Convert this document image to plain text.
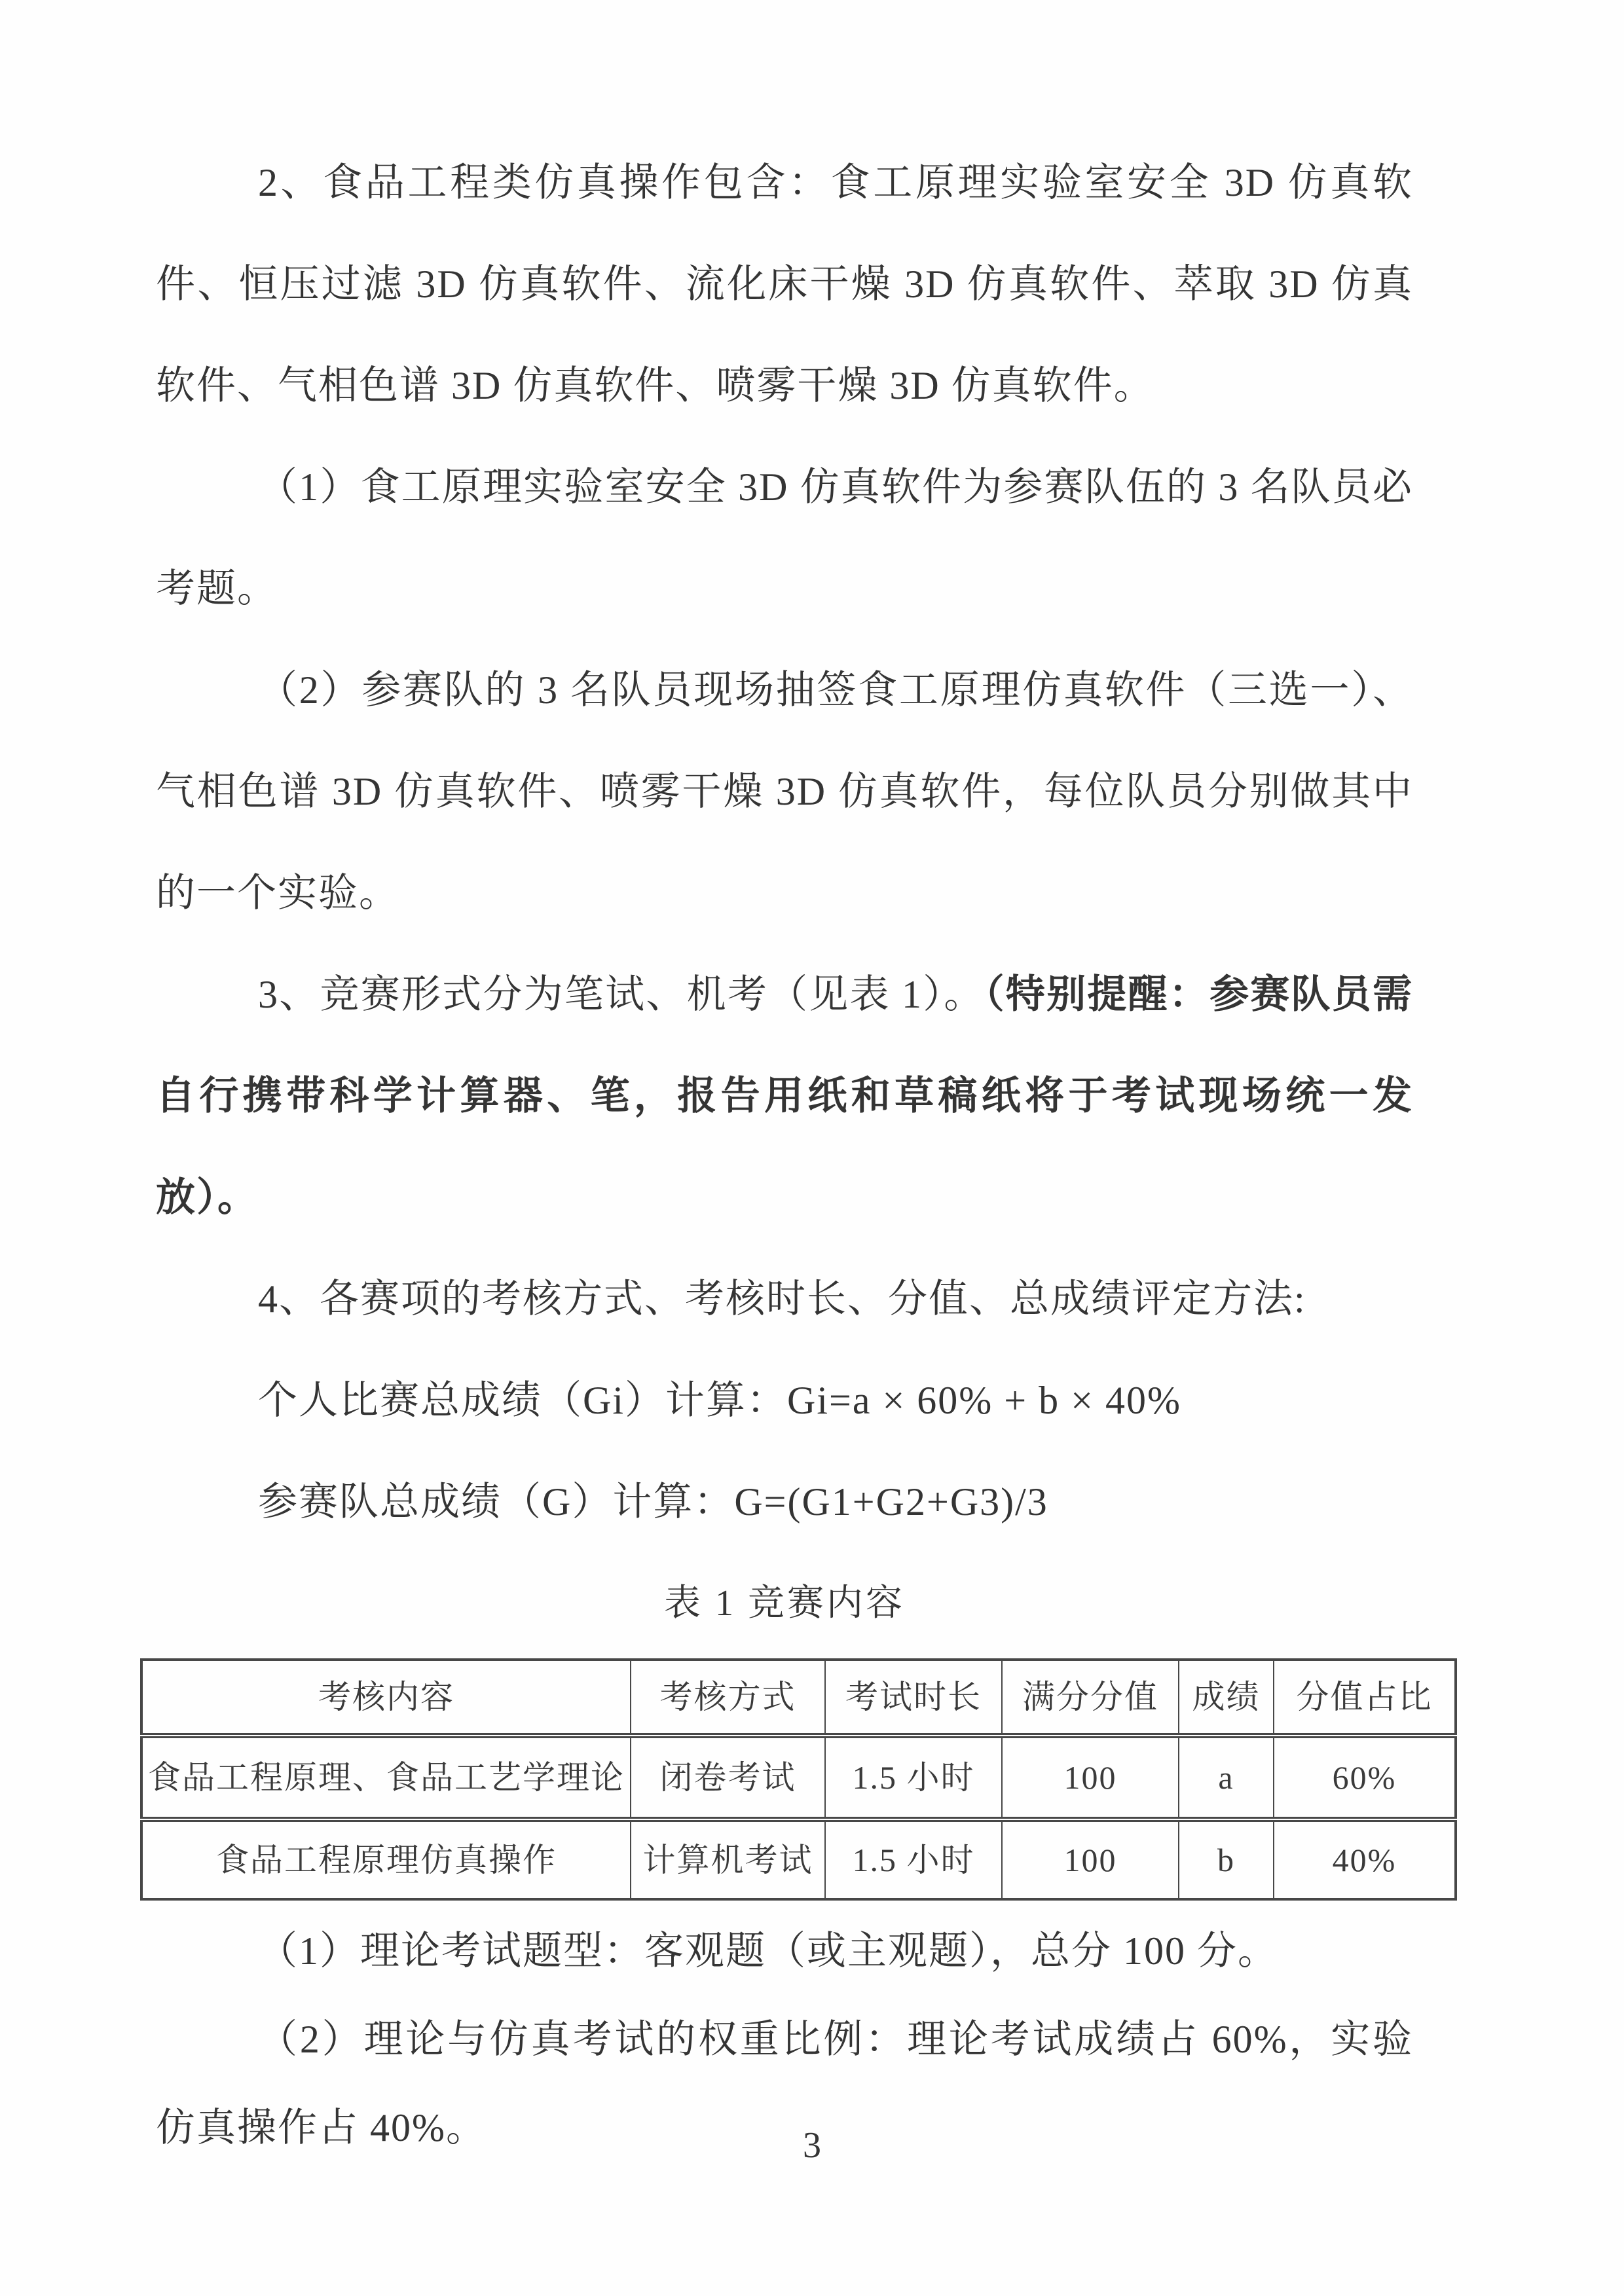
2、食品工程类仿真操作包含：食工原理实验室安全 3D 仿真软件、恒压过滤 3D 仿真软件、流化床干燥 3D 仿真软件、萃取 3D 仿真软件、气相色谱 3D 仿真软件、喷雾干燥 3D 仿真软件。

（1）食工原理实验室安全 3D 仿真软件为参赛队伍的 3 名队员必考题。

（2）参赛队的 3 名队员现场抽签食工原理仿真软件（三选一）、气相色谱 3D 仿真软件、喷雾干燥 3D 仿真软件，每位队员分别做其中的一个实验。

3、竞赛形式分为笔试、机考（见表 1）。（特别提醒：参赛队员需自行携带科学计算器、笔，报告用纸和草稿纸将于考试现场统一发放）。

4、各赛项的考核方式、考核时长、分值、总成绩评定方法:

个人比赛总成绩（Gi）计算：Gi=a × 60% + b × 40%

参赛队总成绩（G）计算：G=(G1+G2+G3)/3

表 1 竞赛内容

考核内容	考核方式	考试时长	满分分值	成绩	分值占比
食品工程原理、食品工艺学理论	闭卷考试	1.5 小时	100	a	60%
食品工程原理仿真操作	计算机考试	1.5 小时	100	b	40%

（1）理论考试题型：客观题（或主观题），总分 100 分。

（2）理论与仿真考试的权重比例：理论考试成绩占 60%，实验仿真操作占 40%。	3
